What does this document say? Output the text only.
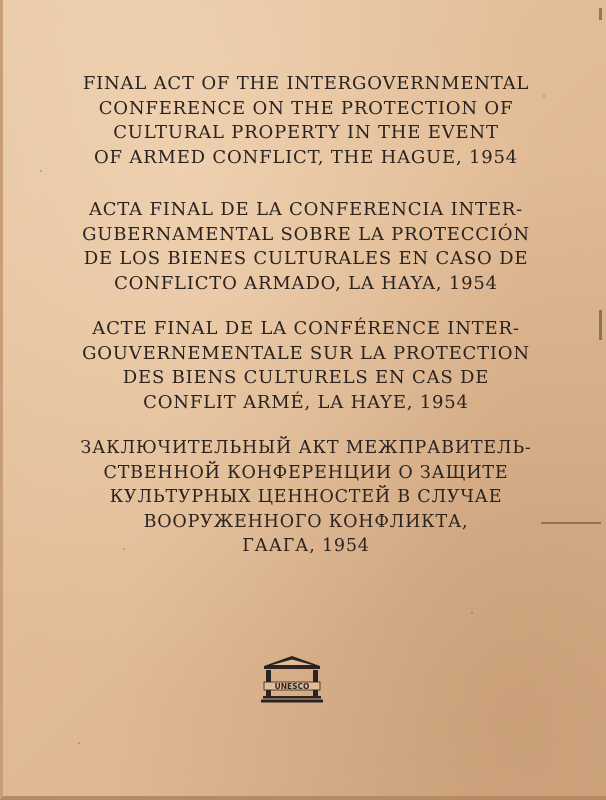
FINAL ACT OF THE INTERGOVERNMENTAL
CONFERENCE ON THE PROTECTION OF
CULTURAL PROPERTY IN THE EVENT
OF ARMED CONFLICT, THE HAGUE, 1954
ACTA FINAL DE LA CONFERENCIA INTER-
GUBERNAMENTAL SOBRE LA PROTECCIÓN
DE LOS BIENES CULTURALES EN CASO DE
CONFLICTO ARMADO, LA HAYA, 1954
ACTE FINAL DE LA CONFÉRENCE INTER-
GOUVERNEMENTALE SUR LA PROTECTION
DES BIENS CULTURELS EN CAS DE
CONFLIT ARMÉ, LA HAYE, 1954
ЗАКЛЮЧИТЕЛЬНЫЙ АКТ МЕЖПРАВИТЕЛЬ-
СТВЕННОЙ КОНФЕРЕНЦИИ О ЗАЩИТЕ
КУЛЬТУРНЫХ ЦЕННОСТЕЙ В СЛУЧАЕ
ВООРУЖЕННОГО КОНФЛИКТА,
ГААГА, 1954
UNESCO
